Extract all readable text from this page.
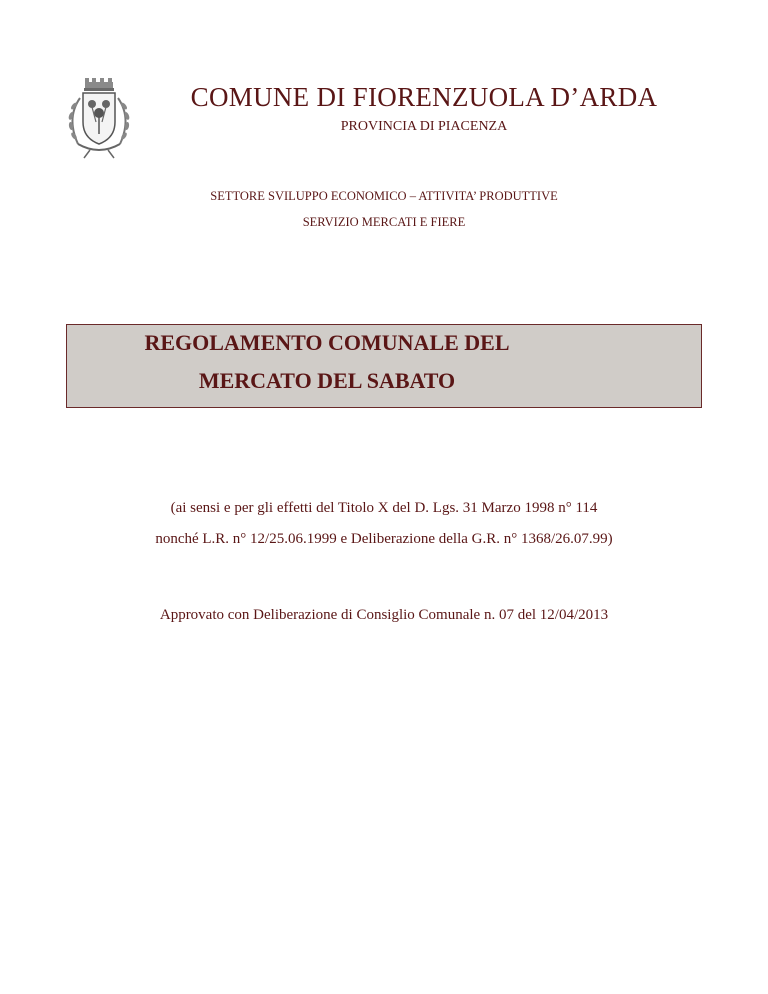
COMUNE DI FIORENZUOLA D’ARDA
PROVINCIA DI PIACENZA
SETTORE SVILUPPO ECONOMICO – ATTIVITA’ PRODUTTIVE
SERVIZIO MERCATI E FIERE
REGOLAMENTO COMUNALE DEL
MERCATO DEL SABATO
(ai sensi e per gli effetti del Titolo X del D. Lgs. 31 Marzo 1998 n° 114
nonché L.R. n° 12/25.06.1999 e Deliberazione della G.R. n° 1368/26.07.99)
Approvato con Deliberazione di Consiglio Comunale n. 07 del 12/04/2013
